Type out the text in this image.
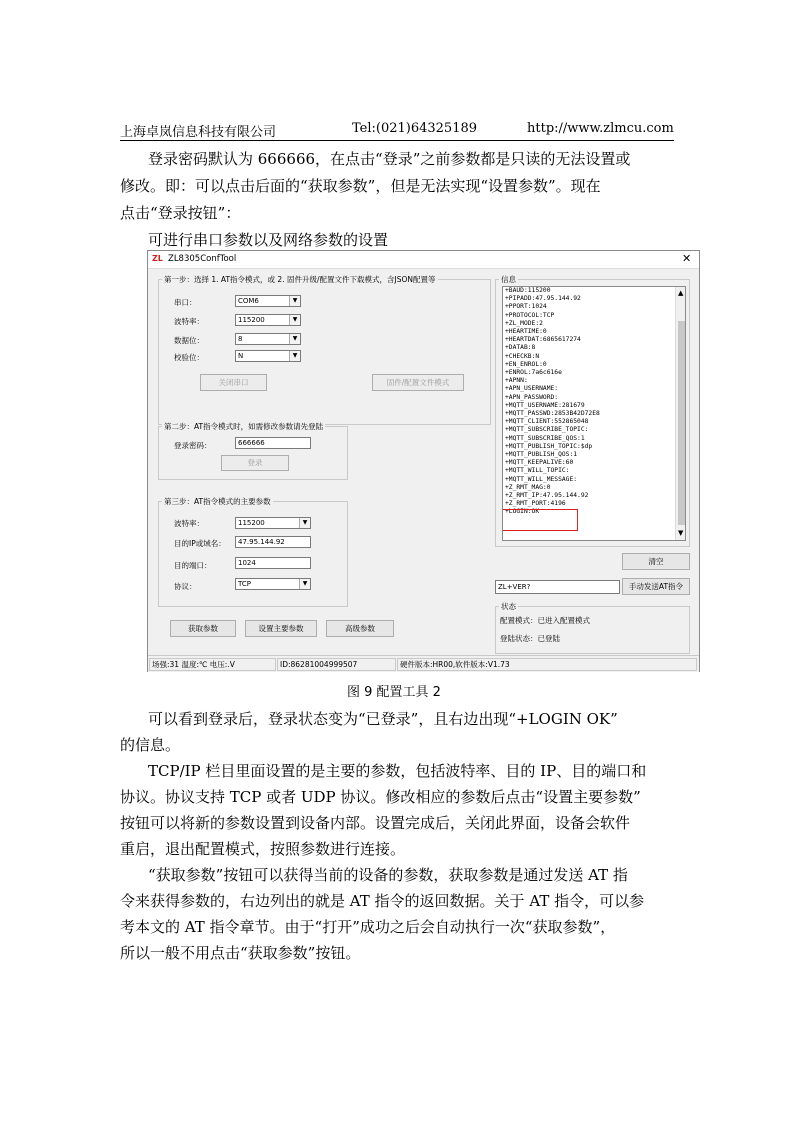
上海卓岚信息科技有限公司	Tel:(021)64325189	http://www.zlmcu.com
登录密码默认为 666666，在点击“登录”之前参数都是只读的无法设置或
修改。即：可以点击后面的“获取参数”，但是无法实现“设置参数”。现在
点击“登录按钮”：
可进行串口参数以及网络参数的设置
ZL ZL8305ConfTool	✕
第一步：选择 1. AT指令模式，或 2. 固件升级/配置文件下载模式，含JSON配置等
串口：	COM6	▼
波特率：	115200	▼
数据位：	8	▼
校验位：	N	▼
关闭串口	固件/配置文件模式
第二步：AT指令模式时，如需修改参数请先登陆
登录密码：	666666
登录
第三步：AT指令模式的主要参数
波特率：	115200	▼
目的IP或域名：	47.95.144.92
目的端口：	1024
协议：	TCP	▼
获取参数	设置主要参数	高级参数
信息
+BAUD:115200
+PIPADD:47.95.144.92
+PPORT:1024
+PROTOCOL:TCP
+ZL_MODE:2
+HEARTIME:0
+HEARTDAT:6865617274
+DATAB:8
+CHECKB:N
+EN_ENROL:0
+ENROL:7a6c616e
+APNN:
+APN_USERNAME:
+APN_PASSWORD:
+MQTT_USERNAME:281679
+MQTT_PASSWD:2853B42D72E8
+MQTT_CLIENT:552865048
+MQTT_SUBSCRIBE_TOPIC:
+MQTT_SUBSCRIBE_QOS:1
+MQTT_PUBLISH_TOPIC:$dp
+MQTT_PUBLISH_QOS:1
+MQTT_KEEPALIVE:60
+MQTT_WILL_TOPIC:
+MQTT_WILL_MESSAGE:
+Z_RMT_MAG:0
+Z_RMT_IP:47.95.144.92
+Z_RMT_PORT:4196
+LOGIN:OK
▲
▼
清空
ZL+VER?	手动发送AT指令
状态
配置模式：已进入配置模式
登陆状态：已登陆
场强:31 温度:℃ 电压:.V	ID:86281004999507	硬件版本:HR00,软件版本:V1.73
图 9 配置工具 2
可以看到登录后，登录状态变为“已登录”，且右边出现“+LOGIN OK”
的信息。
TCP/IP 栏目里面设置的是主要的参数，包括波特率、目的 IP、目的端口和
协议。协议支持 TCP 或者 UDP 协议。修改相应的参数后点击“设置主要参数”
按钮可以将新的参数设置到设备内部。设置完成后，关闭此界面，设备会软件
重启，退出配置模式，按照参数进行连接。
“获取参数”按钮可以获得当前的设备的参数，获取参数是通过发送 AT 指
令来获得参数的，右边列出的就是 AT 指令的返回数据。关于 AT 指令，可以参
考本文的 AT 指令章节。由于“打开”成功之后会自动执行一次“获取参数”，
所以一般不用点击“获取参数”按钮。
